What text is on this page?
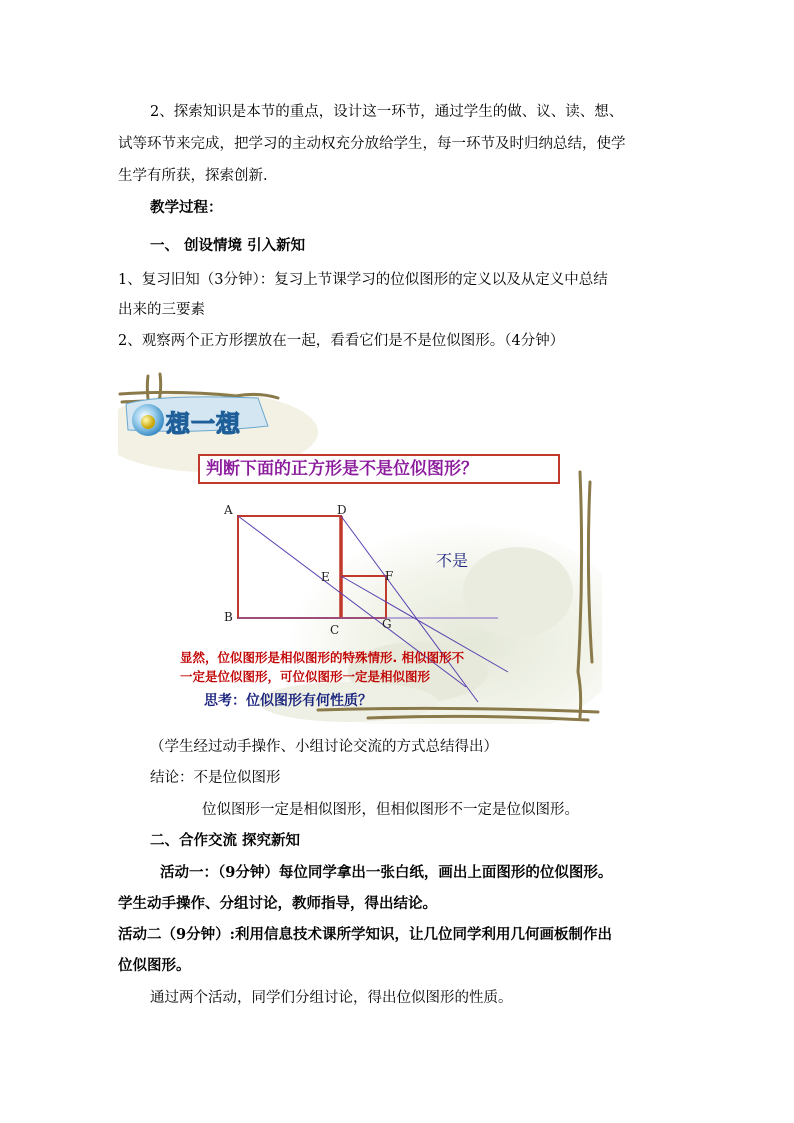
2、探索知识是本节的重点，设计这一环节，通过学生的做、议、读、想、
试等环节来完成，把学习的主动权充分放给学生，每一环节及时归纳总结，使学
生学有所获，探索创新.
教学过程：
一、 创设情境 引入新知
1、复习旧知（3分钟）：复习上节课学习的位似图形的定义以及从定义中总结
出来的三要素
2、观察两个正方形摆放在一起，看看它们是不是位似图形。（4分钟）
想一想
判断下面的正方形是不是位似图形？
A
B
C
D
E	F
G
不是
显然，位似图形是相似图形的特殊情形. 相似图形不
一定是位似图形，可位似图形一定是相似图形
思考：位似图形有何性质？
（学生经过动手操作、小组讨论交流的方式总结得出）
结论：不是位似图形
位似图形一定是相似图形，但相似图形不一定是位似图形。
二、合作交流 探究新知
活动一：（9分钟）每位同学拿出一张白纸，画出上面图形的位似图形。
学生动手操作、分组讨论，教师指导，得出结论。
活动二（9分钟）:利用信息技术课所学知识，让几位同学利用几何画板制作出
位似图形。
通过两个活动，同学们分组讨论，得出位似图形的性质。
